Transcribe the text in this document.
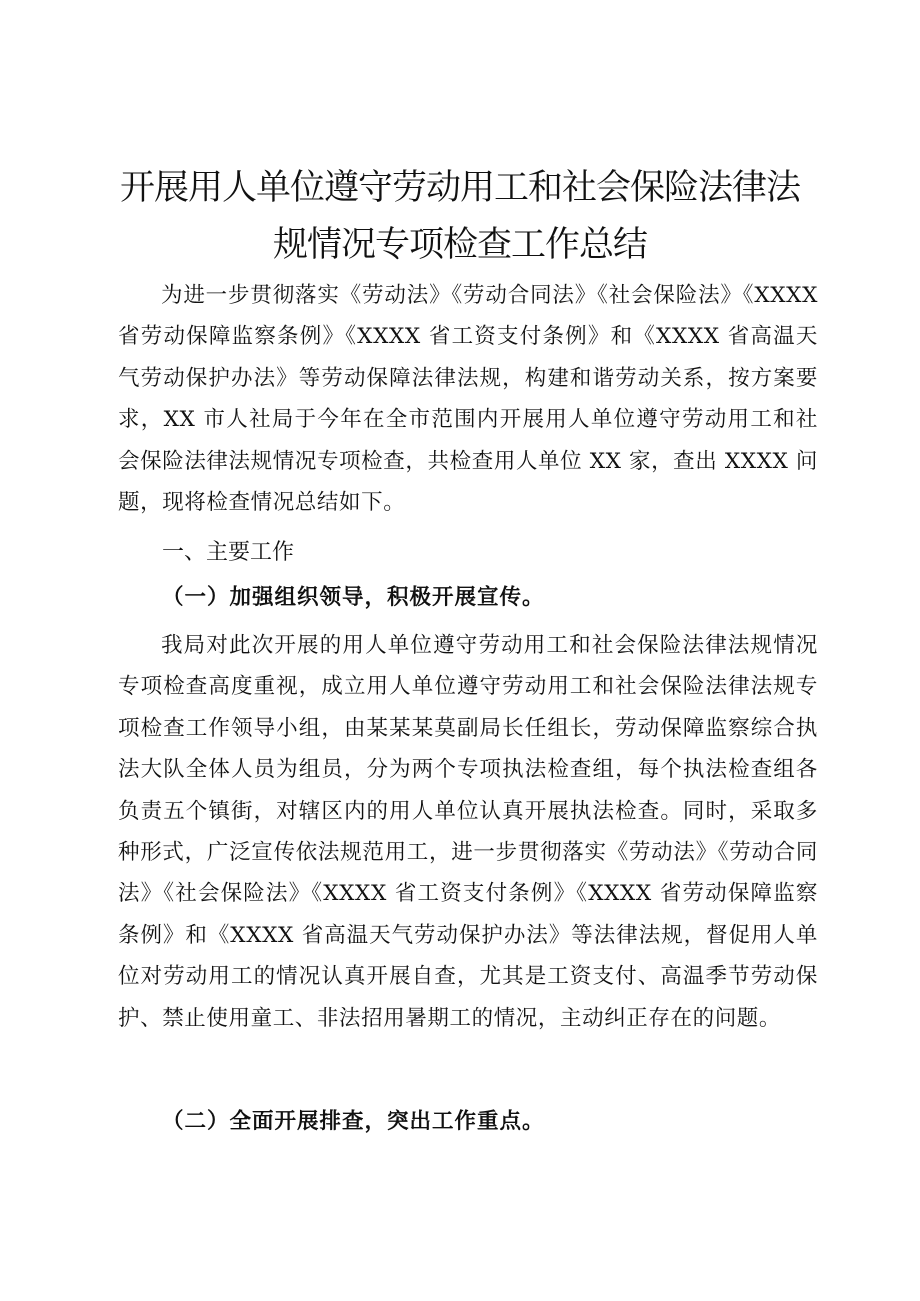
开展用人单位遵守劳动用工和社会保险法律法
规情况专项检查工作总结

为进一步贯彻落实《劳动法》《劳动合同法》《社会保险法》《XXXX 省劳动保障监察条例》《XXXX 省工资支付条例》和《XXXX 省高温天气劳动保护办法》等劳动保障法律法规，构建和谐劳动关系，按方案要求，XX 市人社局于今年在全市范围内开展用人单位遵守劳动用工和社会保险法律法规情况专项检查，共检查用人单位 XX 家，查出 XXXX 问题，现将检查情况总结如下。

一、主要工作
（一）加强组织领导，积极开展宣传。

我局对此次开展的用人单位遵守劳动用工和社会保险法律法规情况专项检查高度重视，成立用人单位遵守劳动用工和社会保险法律法规专项检查工作领导小组，由某某某莫副局长任组长，劳动保障监察综合执法大队全体人员为组员，分为两个专项执法检查组，每个执法检查组各负责五个镇街，对辖区内的用人单位认真开展执法检查。同时，采取多种形式，广泛宣传依法规范用工，进一步贯彻落实《劳动法》《劳动合同法》《社会保险法》《XXXX 省工资支付条例》《XXXX 省劳动保障监察条例》和《XXXX 省高温天气劳动保护办法》等法律法规，督促用人单位对劳动用工的情况认真开展自查，尤其是工资支付、高温季节劳动保护、禁止使用童工、非法招用暑期工的情况，主动纠正存在的问题。

（二）全面开展排查，突出工作重点。
